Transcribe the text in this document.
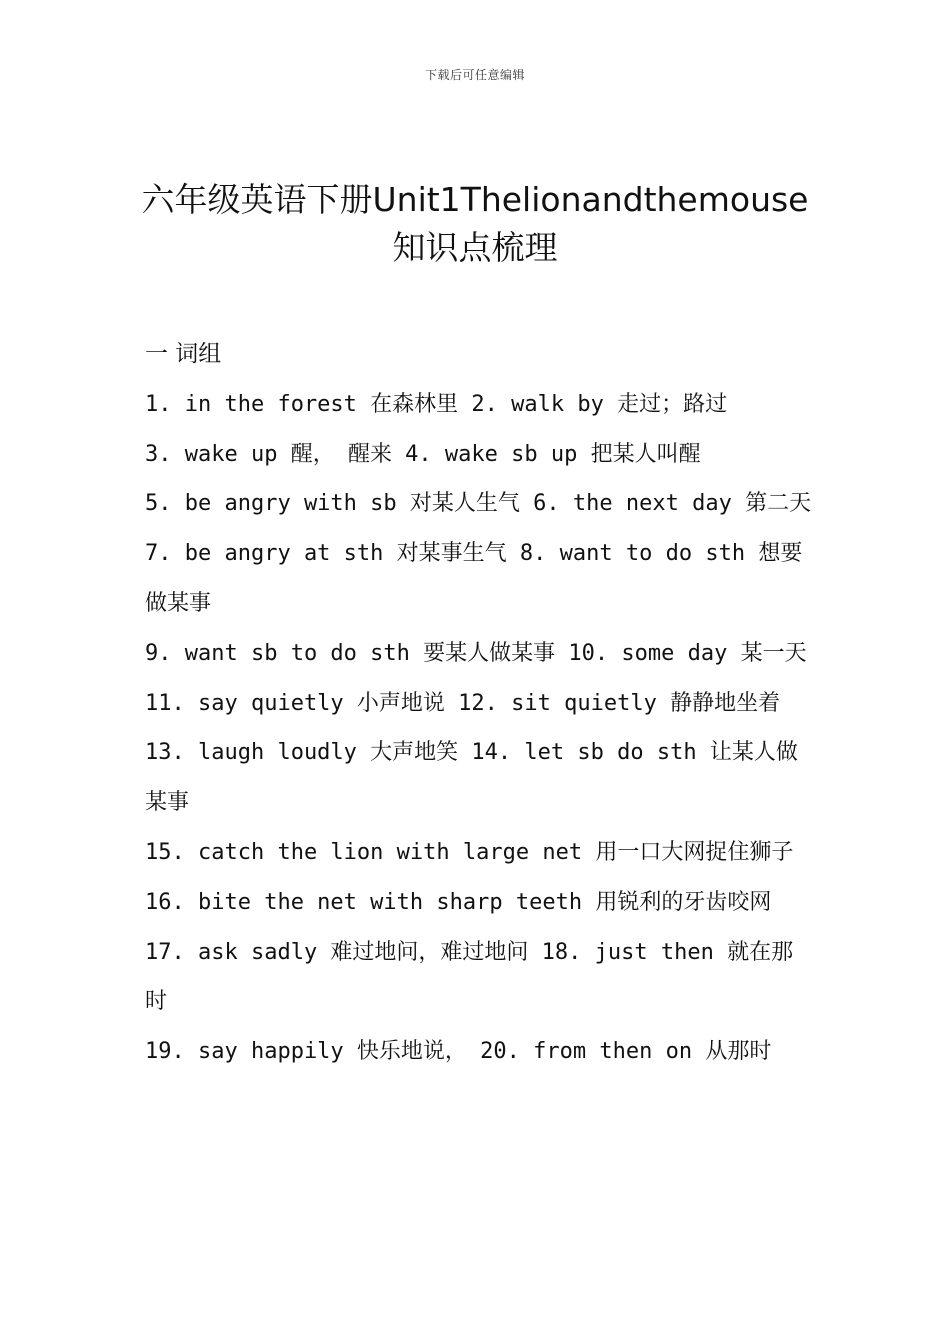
下载后可任意编辑
六年级英语下册Unit1Thelionandthemouse
知识点梳理
一 词组
1. in the forest 在森林里 2. walk by 走过；路过
3. wake up 醒， 醒来 4. wake sb up 把某人叫醒
5. be angry with sb 对某人生气 6. the next day 第二天
7. be angry at sth 对某事生气 8. want to do sth 想要做某事
9. want sb to do sth 要某人做某事 10. some day 某一天
11. say quietly 小声地说 12. sit quietly 静静地坐着
13. laugh loudly 大声地笑 14. let sb do sth 让某人做某事
15. catch the lion with large net 用一口大网捉住狮子
16. bite the net with sharp teeth 用锐利的牙齿咬网
17. ask sadly 难过地问，难过地问 18. just then 就在那时
19. say happily 快乐地说， 20. from then on 从那时
